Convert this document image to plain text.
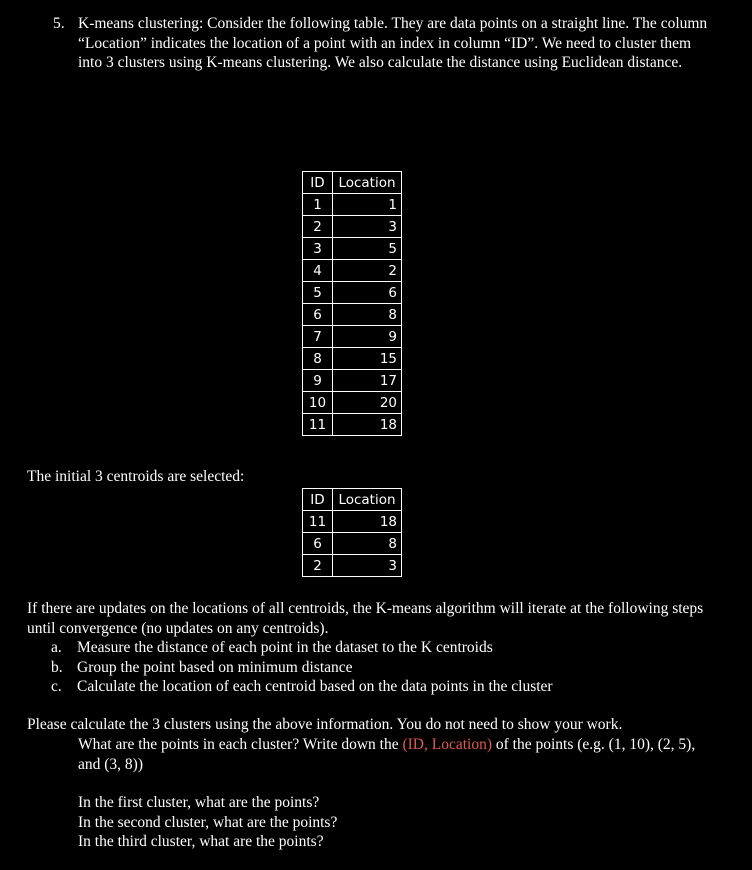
5. K-means clustering: Consider the following table. They are data points on a straight line. The column “Location” indicates the location of a point with an index in column “ID”. We need to cluster them into 3 clusters using K-means clustering. We also calculate the distance using Euclidean distance.
ID	Location
1	1
2	3
3	5
4	2
5	6
6	8
7	9
8	15
9	17
10	20
11	18
The initial 3 centroids are selected:
ID	Location
11	18
6	8
2	3
If there are updates on the locations of all centroids, the K-means algorithm will iterate at the following steps until convergence (no updates on any centroids).
a. Measure the distance of each point in the dataset to the K centroids
b. Group the point based on minimum distance
c. Calculate the location of each centroid based on the data points in the cluster
Please calculate the 3 clusters using the above information. You do not need to show your work.
What are the points in each cluster? Write down the (ID, Location) of the points (e.g. (1, 10), (2, 5), and (3, 8))
In the first cluster, what are the points?
In the second cluster, what are the points?
In the third cluster, what are the points?
